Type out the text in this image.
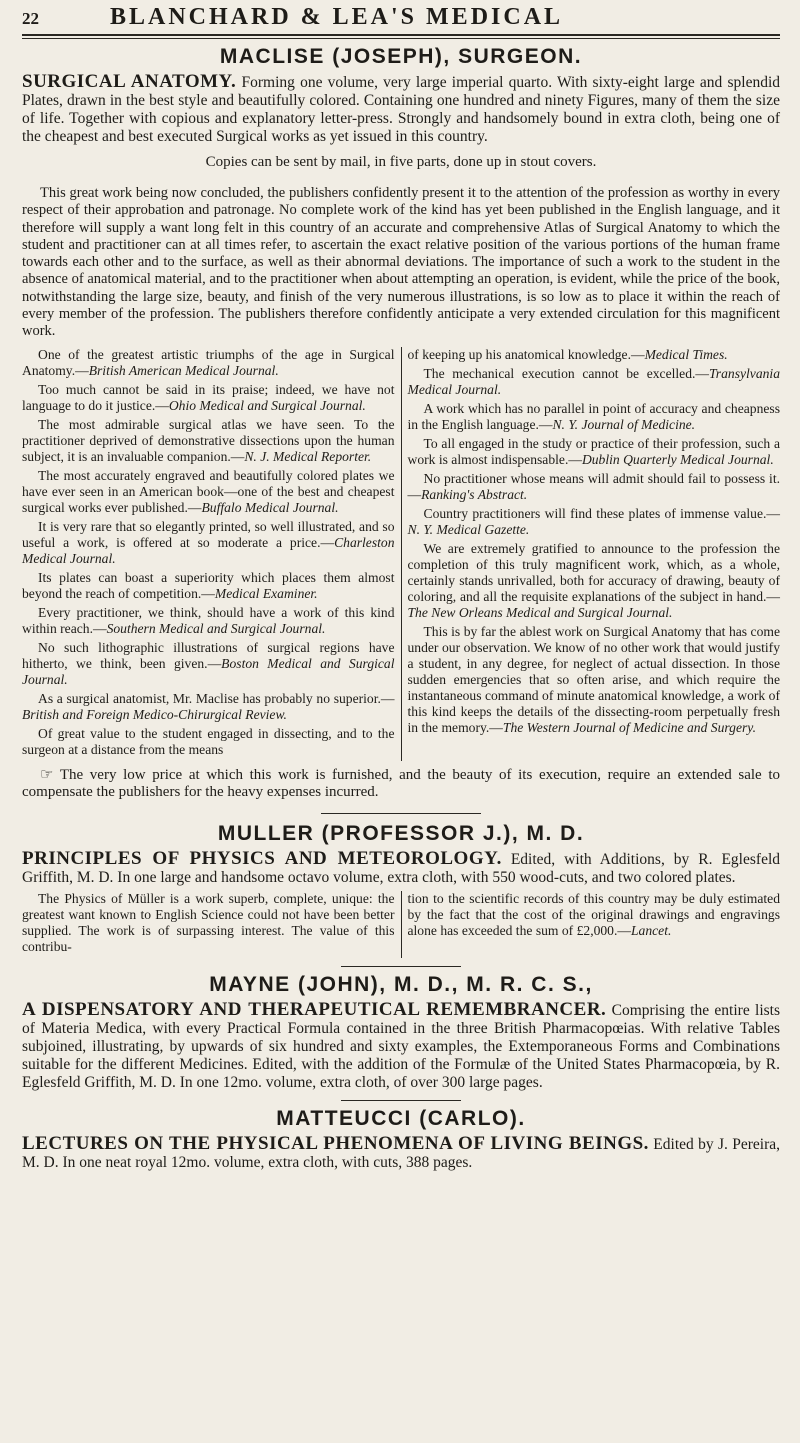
22	BLANCHARD & LEA'S MEDICAL
MACLISE (JOSEPH), SURGEON.

SURGICAL ANATOMY. Forming one volume, very large imperial quarto. With sixty-eight large and splendid Plates, drawn in the best style and beautifully colored. Containing one hundred and ninety Figures, many of them the size of life. Together with copious and explanatory letter-press. Strongly and handsomely bound in extra cloth, being one of the cheapest and best executed Surgical works as yet issued in this country.

Copies can be sent by mail, in five parts, done up in stout covers.

This great work being now concluded, the publishers confidently present it to the attention of the profession as worthy in every respect of their approbation and patronage. No complete work of the kind has yet been published in the English language, and it therefore will supply a want long felt in this country of an accurate and comprehensive Atlas of Surgical Anatomy to which the student and practitioner can at all times refer, to ascertain the exact relative position of the various portions of the human frame towards each other and to the surface, as well as their abnormal deviations. The importance of such a work to the student in the absence of anatomical material, and to the practitioner when about attempting an operation, is evident, while the price of the book, notwithstanding the large size, beauty, and finish of the very numerous illustrations, is so low as to place it within the reach of every member of the profession. The publishers therefore confidently anticipate a very extended circulation for this magnificent work.

One of the greatest artistic triumphs of the age in Surgical Anatomy.—British American Medical Journal.

Too much cannot be said in its praise; indeed, we have not language to do it justice.—Ohio Medical and Surgical Journal.

The most admirable surgical atlas we have seen. To the practitioner deprived of demonstrative dissections upon the human subject, it is an invaluable companion.—N. J. Medical Reporter.

The most accurately engraved and beautifully colored plates we have ever seen in an American book—one of the best and cheapest surgical works ever published.—Buffalo Medical Journal.

It is very rare that so elegantly printed, so well illustrated, and so useful a work, is offered at so moderate a price.—Charleston Medical Journal.

Its plates can boast a superiority which places them almost beyond the reach of competition.—Medical Examiner.

Every practitioner, we think, should have a work of this kind within reach.—Southern Medical and Surgical Journal.

No such lithographic illustrations of surgical regions have hitherto, we think, been given.—Boston Medical and Surgical Journal.

As a surgical anatomist, Mr. Maclise has probably no superior.—British and Foreign Medico-Chirurgical Review.

Of great value to the student engaged in dissecting, and to the surgeon at a distance from the means

of keeping up his anatomical knowledge.—Medical Times.

The mechanical execution cannot be excelled.—Transylvania Medical Journal.

A work which has no parallel in point of accuracy and cheapness in the English language.—N. Y. Journal of Medicine.

To all engaged in the study or practice of their profession, such a work is almost indispensable.—Dublin Quarterly Medical Journal.

No practitioner whose means will admit should fail to possess it.—Ranking's Abstract.

Country practitioners will find these plates of immense value.—N. Y. Medical Gazette.

We are extremely gratified to announce to the profession the completion of this truly magnificent work, which, as a whole, certainly stands unrivalled, both for accuracy of drawing, beauty of coloring, and all the requisite explanations of the subject in hand.—The New Orleans Medical and Surgical Journal.

This is by far the ablest work on Surgical Anatomy that has come under our observation. We know of no other work that would justify a student, in any degree, for neglect of actual dissection. In those sudden emergencies that so often arise, and which require the instantaneous command of minute anatomical knowledge, a work of this kind keeps the details of the dissecting-room perpetually fresh in the memory.—The Western Journal of Medicine and Surgery.

☞ The very low price at which this work is furnished, and the beauty of its execution, require an extended sale to compensate the publishers for the heavy expenses incurred.

MULLER (PROFESSOR J.), M. D.

PRINCIPLES OF PHYSICS AND METEOROLOGY. Edited, with Additions, by R. Eglesfeld Griffith, M. D. In one large and handsome octavo volume, extra cloth, with 550 wood-cuts, and two colored plates.

The Physics of Müller is a work superb, complete, unique: the greatest want known to English Science could not have been better supplied. The work is of surpassing interest. The value of this contribu-

tion to the scientific records of this country may be duly estimated by the fact that the cost of the original drawings and engravings alone has exceeded the sum of £2,000.—Lancet.

MAYNE (JOHN), M. D., M. R. C. S.,

A DISPENSATORY AND THERAPEUTICAL REMEMBRANCER. Comprising the entire lists of Materia Medica, with every Practical Formula contained in the three British Pharmacopœias. With relative Tables subjoined, illustrating, by upwards of six hundred and sixty examples, the Extemporaneous Forms and Combinations suitable for the different Medicines. Edited, with the addition of the Formulæ of the United States Pharmacopœia, by R. Eglesfeld Griffith, M. D. In one 12mo. volume, extra cloth, of over 300 large pages.

MATTEUCCI (CARLO).

LECTURES ON THE PHYSICAL PHENOMENA OF LIVING BEINGS. Edited by J. Pereira, M. D. In one neat royal 12mo. volume, extra cloth, with cuts, 388 pages.
